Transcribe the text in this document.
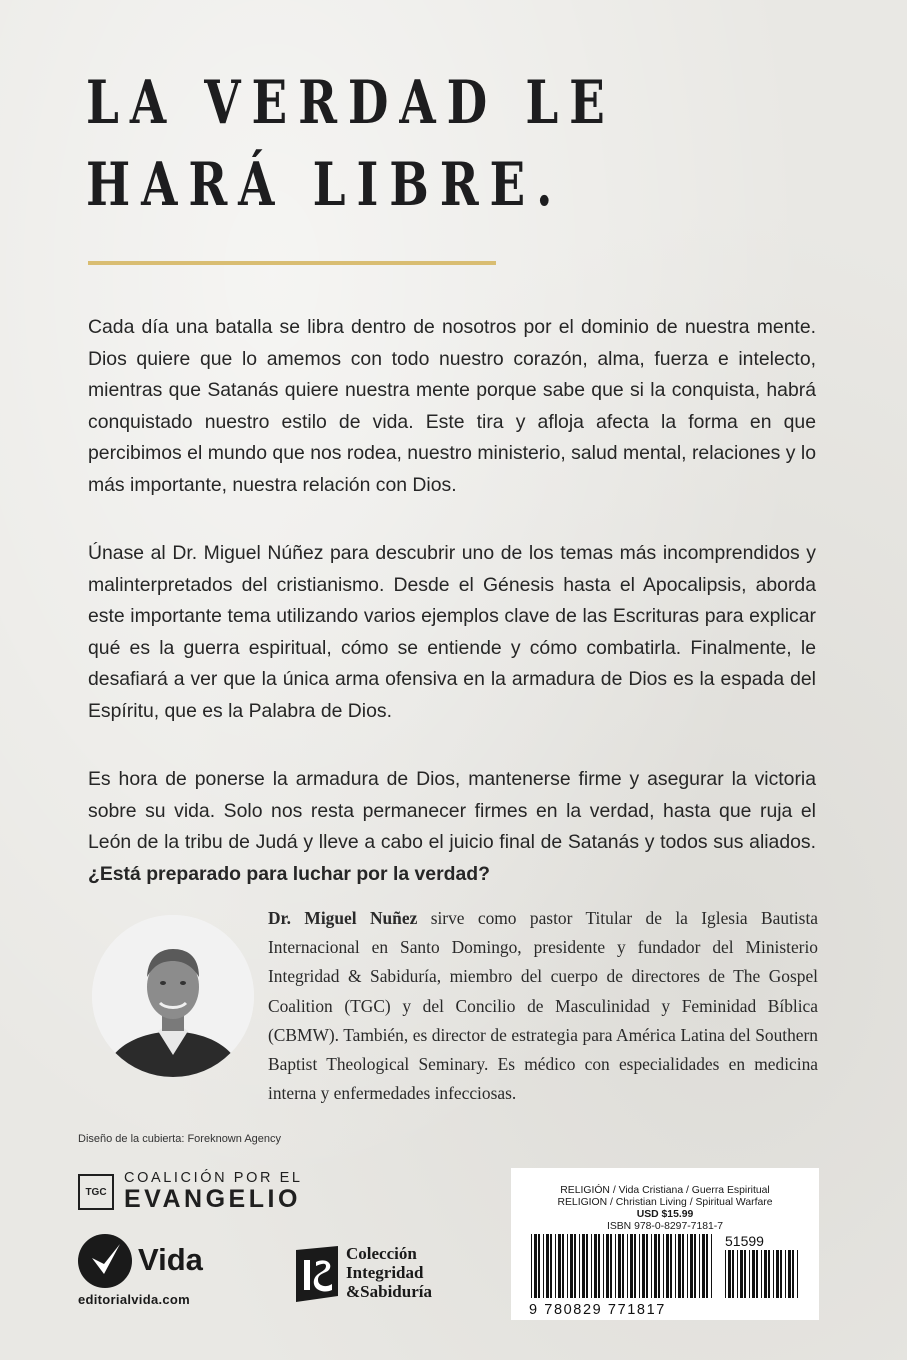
LA VERDAD LE
HARÁ LIBRE.

Cada día una batalla se libra dentro de nosotros por el dominio de nuestra mente. Dios quiere que lo amemos con todo nuestro corazón, alma, fuerza e intelecto, mientras que Satanás quiere nuestra mente porque sabe que si la conquista, habrá conquistado nuestro estilo de vida. Este tira y afloja afecta la forma en que percibimos el mundo que nos rodea, nuestro ministerio, salud mental, relaciones y lo más importante, nuestra relación con Dios.

Únase al Dr. Miguel Núñez para descubrir uno de los temas más incomprendidos y malinterpretados del cristianismo. Desde el Génesis hasta el Apocalipsis, aborda este importante tema utilizando varios ejemplos clave de las Escrituras para explicar qué es la guerra espiritual, cómo se entiende y cómo combatirla. Finalmente, le desafiará a ver que la única arma ofensiva en la armadura de Dios es la espada del Espíritu, que es la Palabra de Dios.

Es hora de ponerse la armadura de Dios, mantenerse firme y asegurar la victoria sobre su vida. Solo nos resta permanecer firmes en la verdad, hasta que ruja el León de la tribu de Judá y lleve a cabo el juicio final de Satanás y todos sus aliados. ¿Está preparado para luchar por la verdad?

Dr. Miguel Nuñez sirve como pastor Titular de la Iglesia Bautista Internacional en Santo Domingo, presidente y fundador del Ministerio Integridad & Sabiduría, miembro del cuerpo de directores de The Gospel Coalition (TGC) y del Concilio de Masculinidad y Feminidad Bíblica (CBMW). También, es director de estrategia para América Latina del Southern Baptist Theological Seminary. Es médico con especialidades en medicina interna y enfermedades infecciosas.

Diseño de la cubierta: Foreknown Agency
TGC
COALICIÓN POR EL
EVANGELIO
Vida
editorialvida.com
Colección
Integridad
&Sabiduría
RELIGIÓN / Vida Cristiana / Guerra Espiritual
RELIGION / Christian Living / Spiritual Warfare
USD $15.99
ISBN 978-0-8297-7181-7
51599
9 780829 771817
